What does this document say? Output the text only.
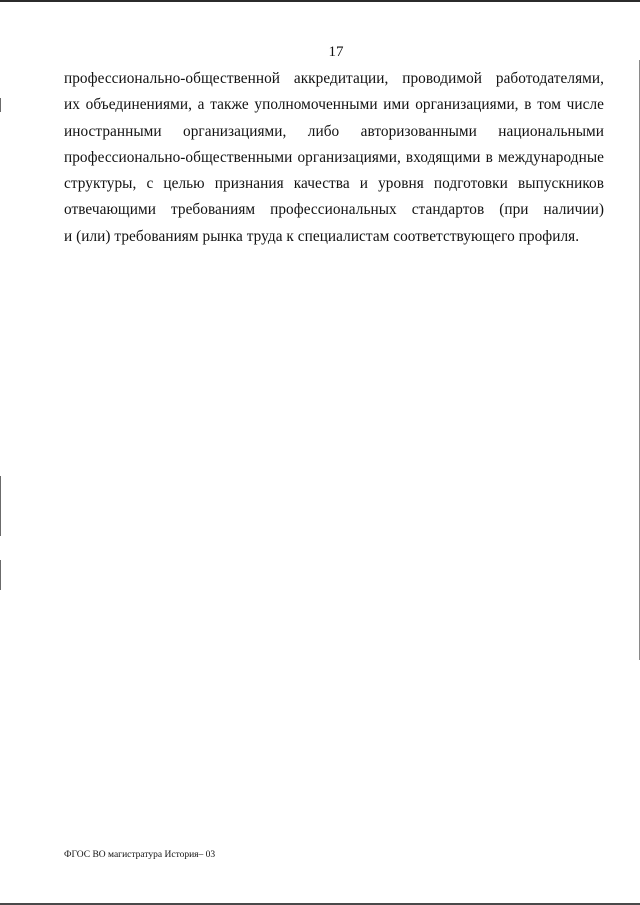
17
профессионально-общественной аккредитации, проводимой работодателями,
их объединениями, а также уполномоченными ими организациями, в том числе
иностранными организациями, либо авторизованными национальными
профессионально-общественными организациями, входящими в международные
структуры, с целью признания качества и уровня подготовки выпускников
отвечающими требованиям профессиональных стандартов (при наличии)
и (или) требованиям рынка труда к специалистам соответствующего профиля.
ФГОС ВО магистратура История– 03
